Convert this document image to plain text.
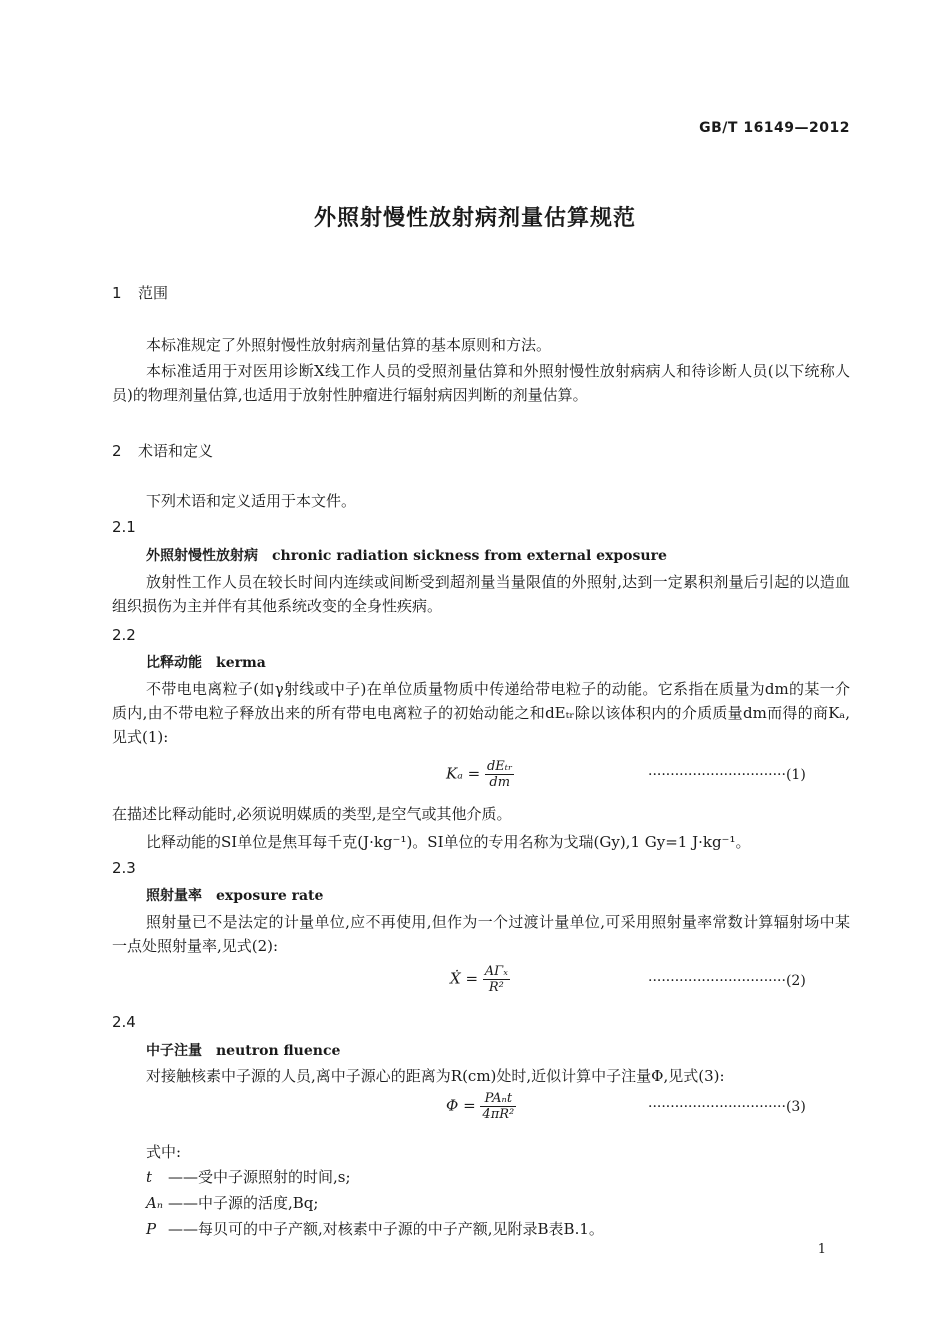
GB/T 16149—2012
外照射慢性放射病剂量估算规范
1 范围
本标准规定了外照射慢性放射病剂量估算的基本原则和方法。
本标准适用于对医用诊断X线工作人员的受照剂量估算和外照射慢性放射病病人和待诊断人员(以下统称人员)的物理剂量估算,也适用于放射性肿瘤进行辐射病因判断的剂量估算。
2 术语和定义
下列术语和定义适用于本文件。
2.1
外照射慢性放射病 chronic radiation sickness from external exposure
放射性工作人员在较长时间内连续或间断受到超剂量当量限值的外照射,达到一定累积剂量后引起的以造血组织损伤为主并伴有其他系统改变的全身性疾病。
2.2
比释动能 kerma
不带电电离粒子(如γ射线或中子)在单位质量物质中传递给带电粒子的动能。它系指在质量为dm的某一介质内,由不带电粒子释放出来的所有带电电离粒子的初始动能之和dEₜᵣ除以该体积内的介质质量dm而得的商Kₐ,见式(1):
$K_a = \frac{\text{dEₜᵣ}}{dm}$	·······························(1)
在描述比释动能时,必须说明媒质的类型,是空气或其他介质。
比释动能的SI单位是焦耳每千克(J·kg⁻¹)。SI单位的专用名称为戈瑞(Gy),1 Gy=1 J·kg⁻¹。
2.3
照射量率 exposure rate
照射量已不是法定的计量单位,应不再使用,但作为一个过渡计量单位,可采用照射量率常数计算辐射场中某一点处照射量率,见式(2):
Ẋ = $\frac{\text{AΓₓ}}{\text{R²}}$	·······························(2)
2.4
中子注量 neutron fluence
对接触核素中子源的人员,离中子源心的距离为R(cm)处时,近似计算中子注量Φ,见式(3):
$\Phi = \frac{\text{PAₙt}}{\text{4πR²}}$	·······························(3)
式中:
t ——受中子源照射的时间,s;
Aₙ ——中子源的活度,Bq;
P ——每贝可的中子产额,对核素中子源的中子产额,见附录B表B.1。
1
